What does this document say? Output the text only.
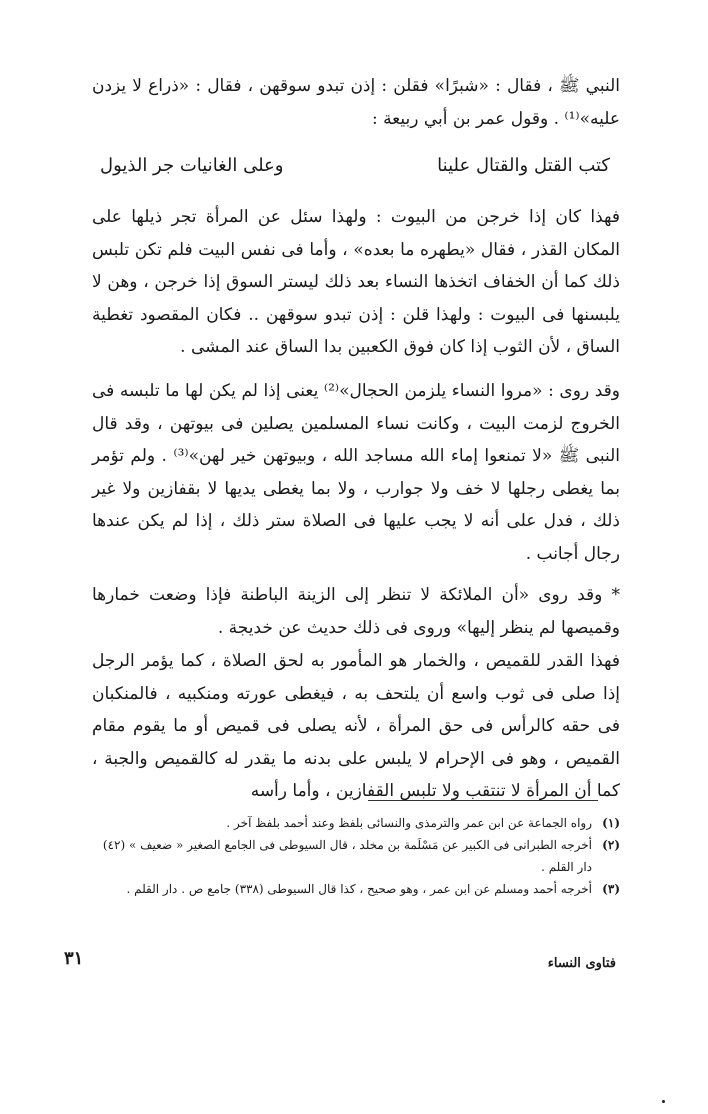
النبي ﷺ ، فقال : «شبرًا» فقلن : إذن تبدو سوقهن ، فقال : «ذراع لا يزدن عليه»⁽¹⁾ . وقول عمر بن أبي ربيعة :

كتب القتل والقتال علينا
وعلى الغانيات جر الذيول

فهذا كان إذا خرجن من البيوت : ولهذا سئل عن المرأة تجر ذيلها على المكان القذر ، فقال «يطهره ما بعده» ، وأما فى نفس البيت فلم تكن تلبس ذلك كما أن الخفاف اتخذها النساء بعد ذلك ليستر السوق إذا خرجن ، وهن لا يلبسنها فى البيوت : ولهذا قلن : إذن تبدو سوقهن .. فكان المقصود تغطية الساق ، لأن الثوب إذا كان فوق الكعبين بدا الساق عند المشى .

وقد روى : «مروا النساء يلزمن الحجال»⁽²⁾ يعنى إذا لم يكن لها ما تلبسه فى الخروج لزمت البيت ، وكانت نساء المسلمين يصلين فى بيوتهن ، وقد قال النبى ﷺ «لا تمنعوا إماء الله مساجد الله ، وبيوتهن خير لهن»⁽³⁾ . ولم تؤمر بما يغطى رجلها لا خف ولا جوارب ، ولا بما يغطى يديها لا بقفازين ولا غير ذلك ، فدل على أنه لا يجب عليها فى الصلاة ستر ذلك ، إذا لم يكن عندها رجال أجانب .

* وقد روى «أن الملائكة لا تنظر إلى الزينة الباطنة فإذا وضعت خمارها وقميصها لم ينظر إليها» وروى فى ذلك حديث عن خديجة .

فهذا القدر للقميص ، والخمار هو المأمور به لحق الصلاة ، كما يؤمر الرجل إذا صلى فى ثوب واسع أن يلتحف به ، فيغطى عورته ومنكبيه ، فالمنكبان فى حقه كالرأس فى حق المرأة ، لأنه يصلى فى قميص أو ما يقوم مقام القميص ، وهو فى الإحرام لا يلبس على بدنه ما يقدر له كالقميص والجبة ، كما أن المرأة لا تنتقب ولا تلبس القفازين ، وأما رأسه

(١)
رواه الجماعة عن ابن عمر والترمذى والنسائى بلفظ وعند أحمد بلفظ آخر .
(٢)
أخرجه الطبرانى فى الكبير عن مَسْلَمة بن مخلد ، قال السيوطى فى الجامع الصغير « ضعيف » (٤٢) دار القلم .
(٣)
أخرجه أحمد ومسلم عن ابن عمر ، وهو صحيح ، كذا قال السيوطى (٣٣٨) جامع ص . دار القلم .
٣١	فتاوى النساء
